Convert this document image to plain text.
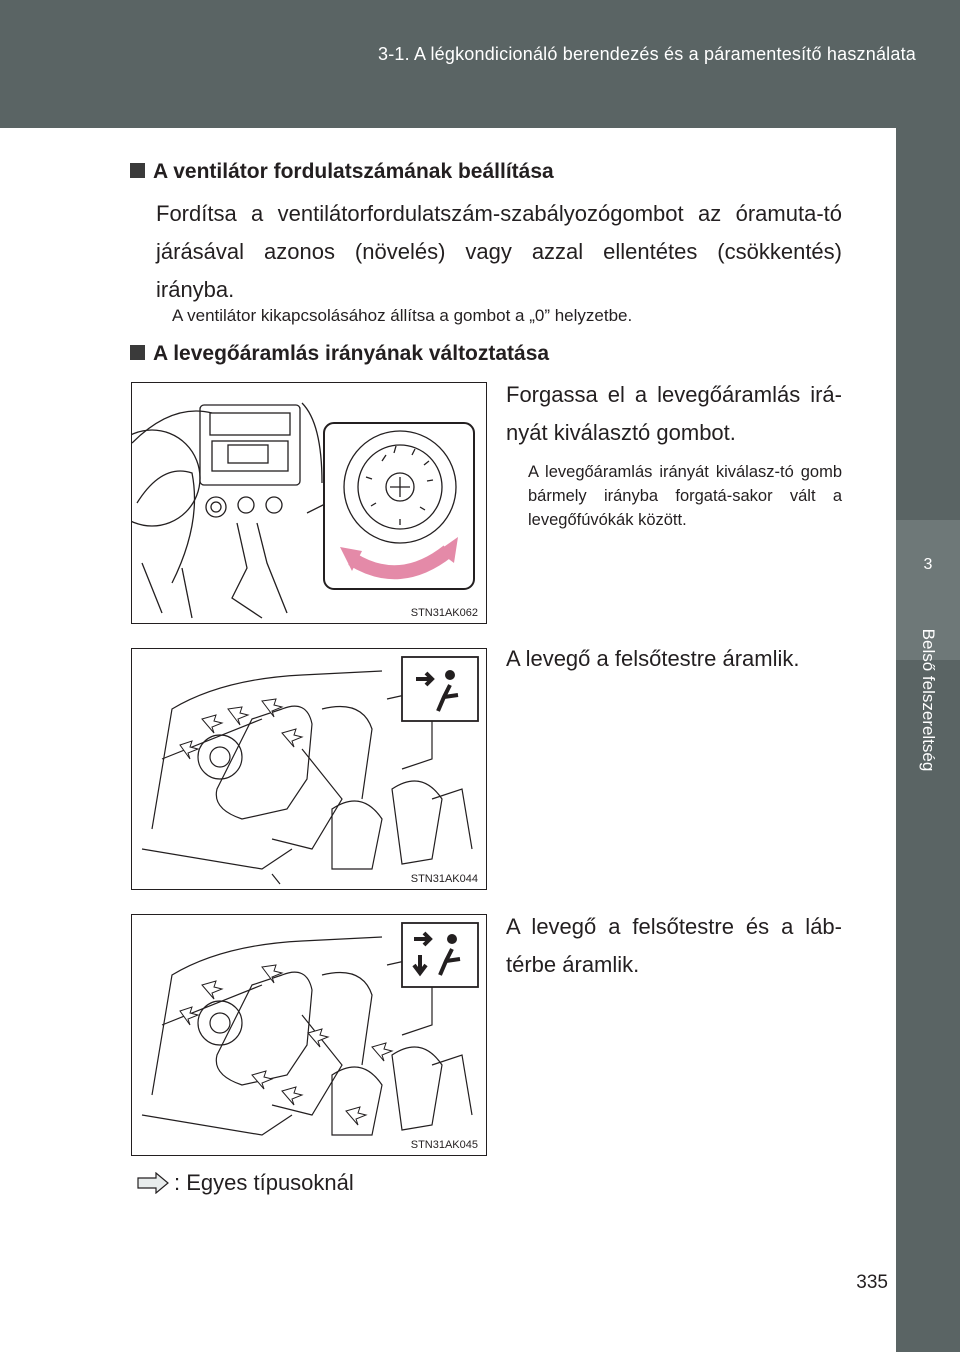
3-1. A légkondicionáló berendezés és a páramentesítő használata
3
Belső felszereltség
A ventilátor fordulatszámának beállítása
Fordítsa a ventilátorfordulatszám-szabályozógombot az óramuta-tó járásával azonos (növelés) vagy azzal ellentétes (csökkentés) irányba.
A ventilátor kikapcsolásához állítsa a gombot a „0” helyzetbe.
A levegőáramlás irányának változtatása
STN31AK062
Forgassa el a levegőáramlás irá-nyát kiválasztó gombot.
A levegőáramlás irányát kiválasz-tó gomb bármely irányba forgatá-sakor vált a levegőfúvókák között.
STN31AK044
A levegő a felsőtestre áramlik.
STN31AK045
A levegő a felsőtestre és a láb-térbe áramlik.
: Egyes típusoknál
335
